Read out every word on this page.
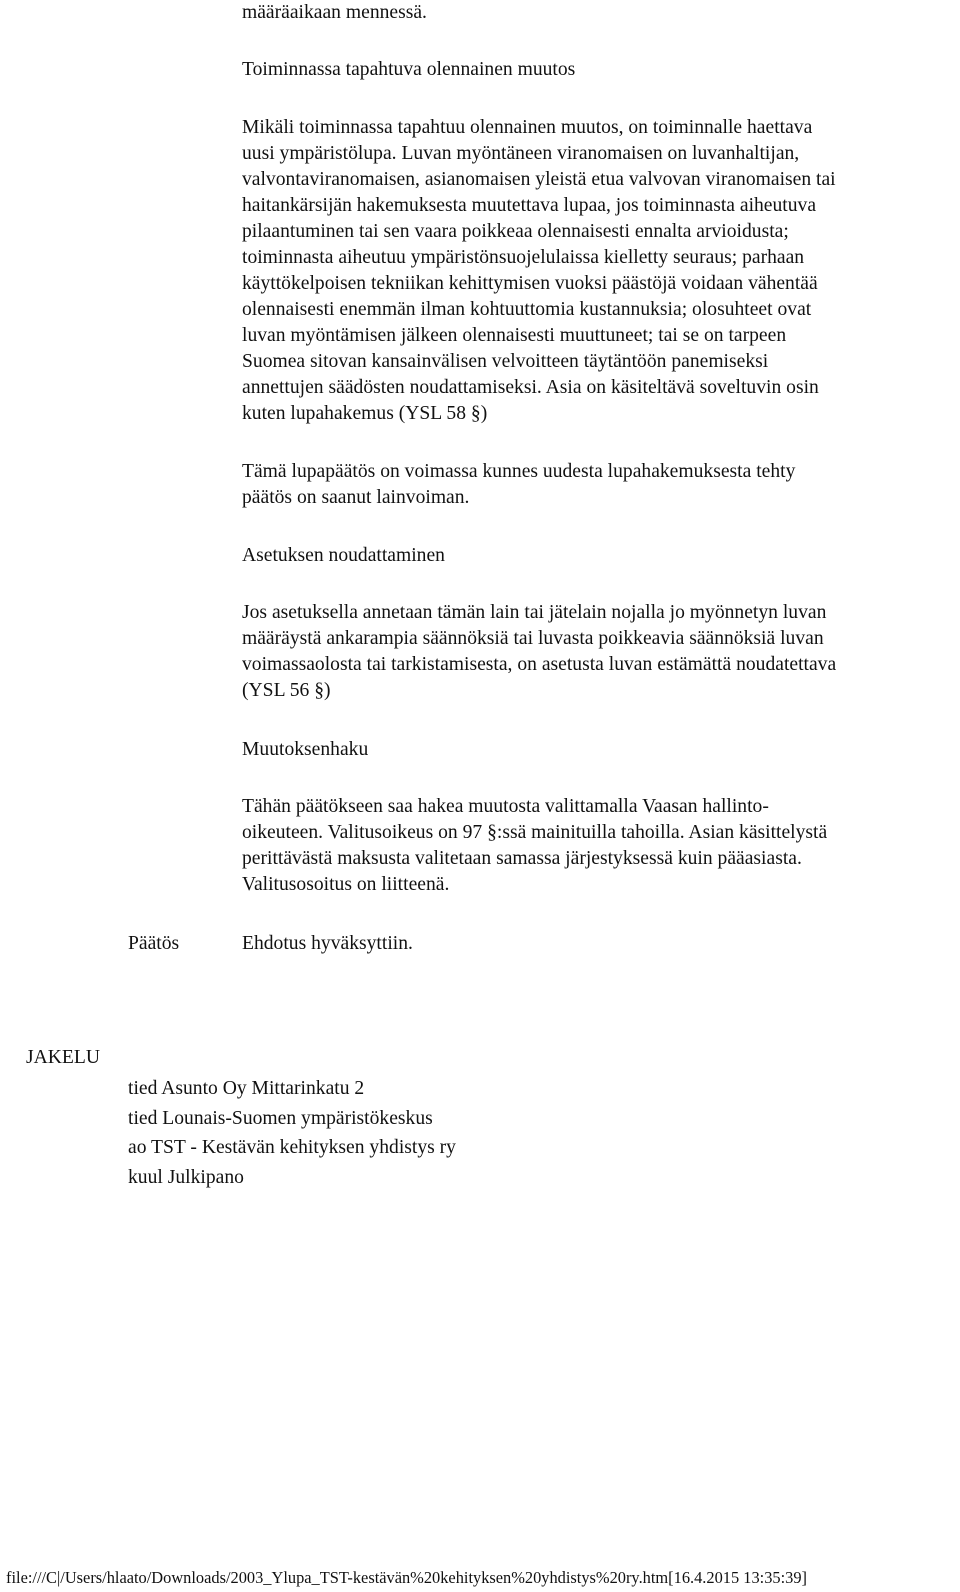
määräaikaan mennessä.
Toiminnassa tapahtuva olennainen muutos
Mikäli toiminnassa tapahtuu olennainen muutos, on toiminnalle haettava
uusi ympäristölupa. Luvan myöntäneen viranomaisen on luvanhaltijan,
valvontaviranomaisen, asianomaisen yleistä etua valvovan viranomaisen tai
haitankärsijän hakemuksesta muutettava lupaa, jos toiminnasta aiheutuva
pilaantuminen tai sen vaara poikkeaa olennaisesti ennalta arvioidusta;
toiminnasta aiheutuu ympäristönsuojelulaissa kielletty seuraus; parhaan
käyttökelpoisen tekniikan kehittymisen vuoksi päästöjä voidaan vähentää
olennaisesti enemmän ilman kohtuuttomia kustannuksia; olosuhteet ovat
luvan myöntämisen jälkeen olennaisesti muuttuneet; tai se on tarpeen
Suomea sitovan kansainvälisen velvoitteen täytäntöön panemiseksi
annettujen säädösten noudattamiseksi. Asia on käsiteltävä soveltuvin osin
kuten lupahakemus (YSL 58 §)
Tämä lupapäätös on voimassa kunnes uudesta lupahakemuksesta tehty
päätös on saanut lainvoiman.
Asetuksen noudattaminen
Jos asetuksella annetaan tämän lain tai jätelain nojalla jo myönnetyn luvan
määräystä ankarampia säännöksiä tai luvasta poikkeavia säännöksiä luvan
voimassaolosta tai tarkistamisesta, on asetusta luvan estämättä noudatettava
(YSL 56 §)
Muutoksenhaku
Tähän päätökseen saa hakea muutosta valittamalla Vaasan hallinto-
oikeuteen. Valitusoikeus on 97 §:ssä mainituilla tahoilla. Asian käsittelystä
perittävästä maksusta valitetaan samassa järjestyksessä kuin pääasiasta.
Valitusosoitus on liitteenä.
Päätös	Ehdotus hyväksyttiin.
JAKELU
tied Asunto Oy Mittarinkatu 2
tied Lounais-Suomen ympäristökeskus
ao TST - Kestävän kehityksen yhdistys ry
kuul Julkipano
file:///C|/Users/hlaato/Downloads/2003_Ylupa_TST-kestävän%20kehityksen%20yhdistys%20ry.htm[16.4.2015 13:35:39]
